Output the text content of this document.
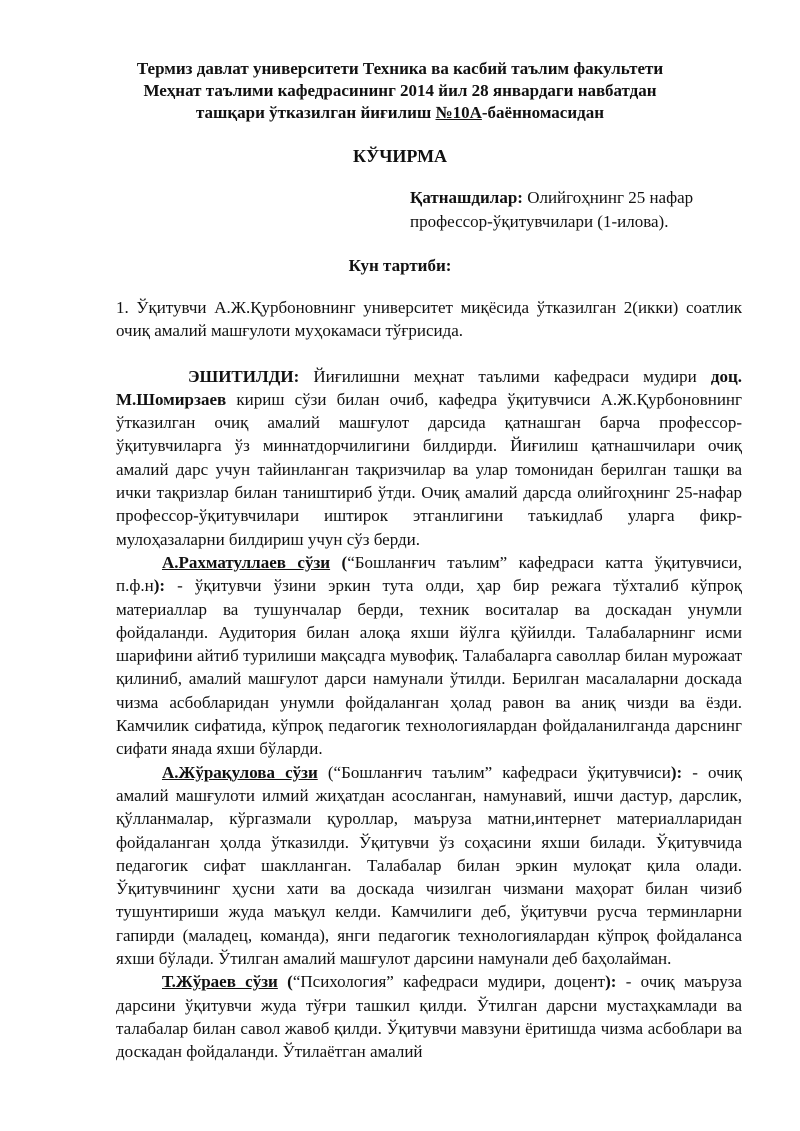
Термиз давлат университети Техника ва касбий таълим факультети
Меҳнат таълими кафедрасининг 2014 йил 28 январдаги навбатдан
ташқари ўтказилган йиғилиш №10А-баённомасидан
КЎЧИРМА
Қатнашдилар: Олийгоҳнинг 25 нафар профессор-ўқитувчилари (1-илова).
Кун тартиби:

1. Ўқитувчи А.Ж.Қурбоновнинг университет миқёсида ўтказилган 2(икки) соатлик очиқ амалий машғулоти муҳокамаси тўғрисида.

ЭШИТИЛДИ: Йиғилишни меҳнат таълими кафедраси мудири доц. М.Шомирзаев кириш сўзи билан очиб, кафедра ўқитувчиси А.Ж.Қурбоновнинг ўтказилган очиқ амалий машғулот дарсида қатнашган барча профессор-ўқитувчиларга ўз миннатдорчилигини билдирди. Йиғилиш қатнашчилари очиқ амалий дарс учун тайинланган тақризчилар ва улар томонидан берилган ташқи ва ички тақризлар билан таништириб ўтди. Очиқ амалий дарсда олийгоҳнинг 25-нафар профессор-ўқитувчилари иштирок этганлигини таъкидлаб уларга фикр-мулоҳазаларни билдириш учун сўз берди.

А.Рахматуллаев сўзи (“Бошланғич таълим” кафедраси катта ўқитувчиси, п.ф.н): - ўқитувчи ўзини эркин тута олди, ҳар бир режага тўхталиб кўпроқ материаллар ва тушунчалар берди, техник воситалар ва доскадан унумли фойдаланди. Аудитория билан алоқа яхши йўлга қўйилди. Талабаларнинг исми шарифини айтиб турилиши мақсадга мувофиқ. Талабаларга саволлар билан мурожаат қилиниб, амалий машғулот дарси намунали ўтилди. Берилган масалаларни доскада чизма асбобларидан унумли фойдаланган ҳолад равон ва аниқ чизди ва ёзди. Камчилик сифатида, кўпроқ педагогик технологиялардан фойдаланилганда дарснинг сифати янада яхши бўларди.

А.Жўрақулова сўзи (“Бошланғич таълим” кафедраси ўқитувчиси): - очиқ амалий машғулоти илмий жиҳатдан асосланган, намунавий, ишчи дастур, дарслик, қўлланмалар, кўргазмали қуроллар, маъруза матни,интернет материалларидан фойдаланган ҳолда ўтказилди. Ўқитувчи ўз соҳасини яхши билади. Ўқитувчида педагогик сифат шаклланган. Талабалар билан эркин мулоқат қила олади. Ўқитувчининг ҳусни хати ва доскада чизилган чизмани маҳорат билан чизиб тушунтириши жуда маъқул келди. Камчилиги деб, ўқитувчи русча терминларни гапирди (маладец, команда), янги педагогик технологиялардан кўпроқ фойдаланса яхши бўлади. Ўтилган амалий машғулот дарсини намунали деб баҳолайман.

Т.Жўраев сўзи (“Психология” кафедраси мудири, доцент): - очиқ маъруза дарсини ўқитувчи жуда тўғри ташкил қилди. Ўтилган дарсни мустаҳкамлади ва талабалар билан савол жавоб қилди. Ўқитувчи мавзуни ёритишда чизма асбоблари ва доскадан фойдаланди. Ўтилаётган амалий
